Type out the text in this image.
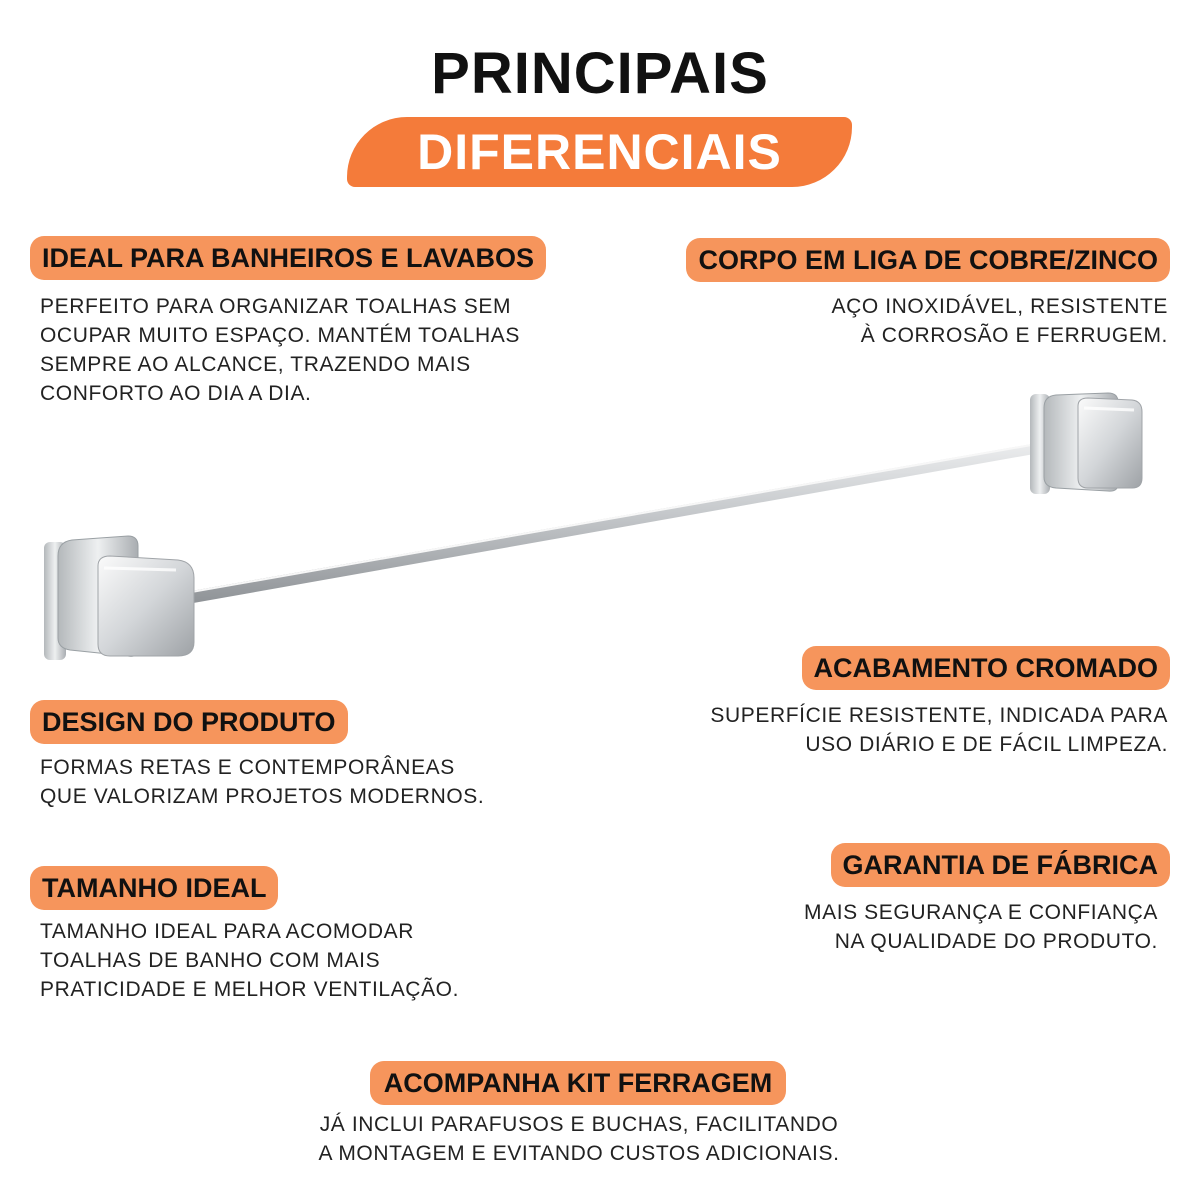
PRINCIPAIS
DIFERENCIAIS
IDEAL PARA BANHEIROS E LAVABOS
PERFEITO PARA ORGANIZAR TOALHAS SEM
OCUPAR MUITO ESPAÇO. MANTÉM TOALHAS
SEMPRE AO ALCANCE, TRAZENDO MAIS
CONFORTO AO DIA A DIA.
CORPO EM LIGA DE COBRE/ZINCO
AÇO INOXIDÁVEL, RESISTENTE
À CORROSÃO E FERRUGEM.
ACABAMENTO CROMADO
SUPERFÍCIE RESISTENTE, INDICADA PARA
USO DIÁRIO E DE FÁCIL LIMPEZA.
DESIGN DO PRODUTO
FORMAS RETAS E CONTEMPORÂNEAS
QUE VALORIZAM PROJETOS MODERNOS.
GARANTIA DE FÁBRICA
MAIS SEGURANÇA E CONFIANÇA
NA QUALIDADE DO PRODUTO.
TAMANHO IDEAL
TAMANHO IDEAL PARA ACOMODAR
TOALHAS DE BANHO COM MAIS
PRATICIDADE E MELHOR VENTILAÇÃO.
ACOMPANHA KIT FERRAGEM
JÁ INCLUI PARAFUSOS E BUCHAS, FACILITANDO
A MONTAGEM E EVITANDO CUSTOS ADICIONAIS.
